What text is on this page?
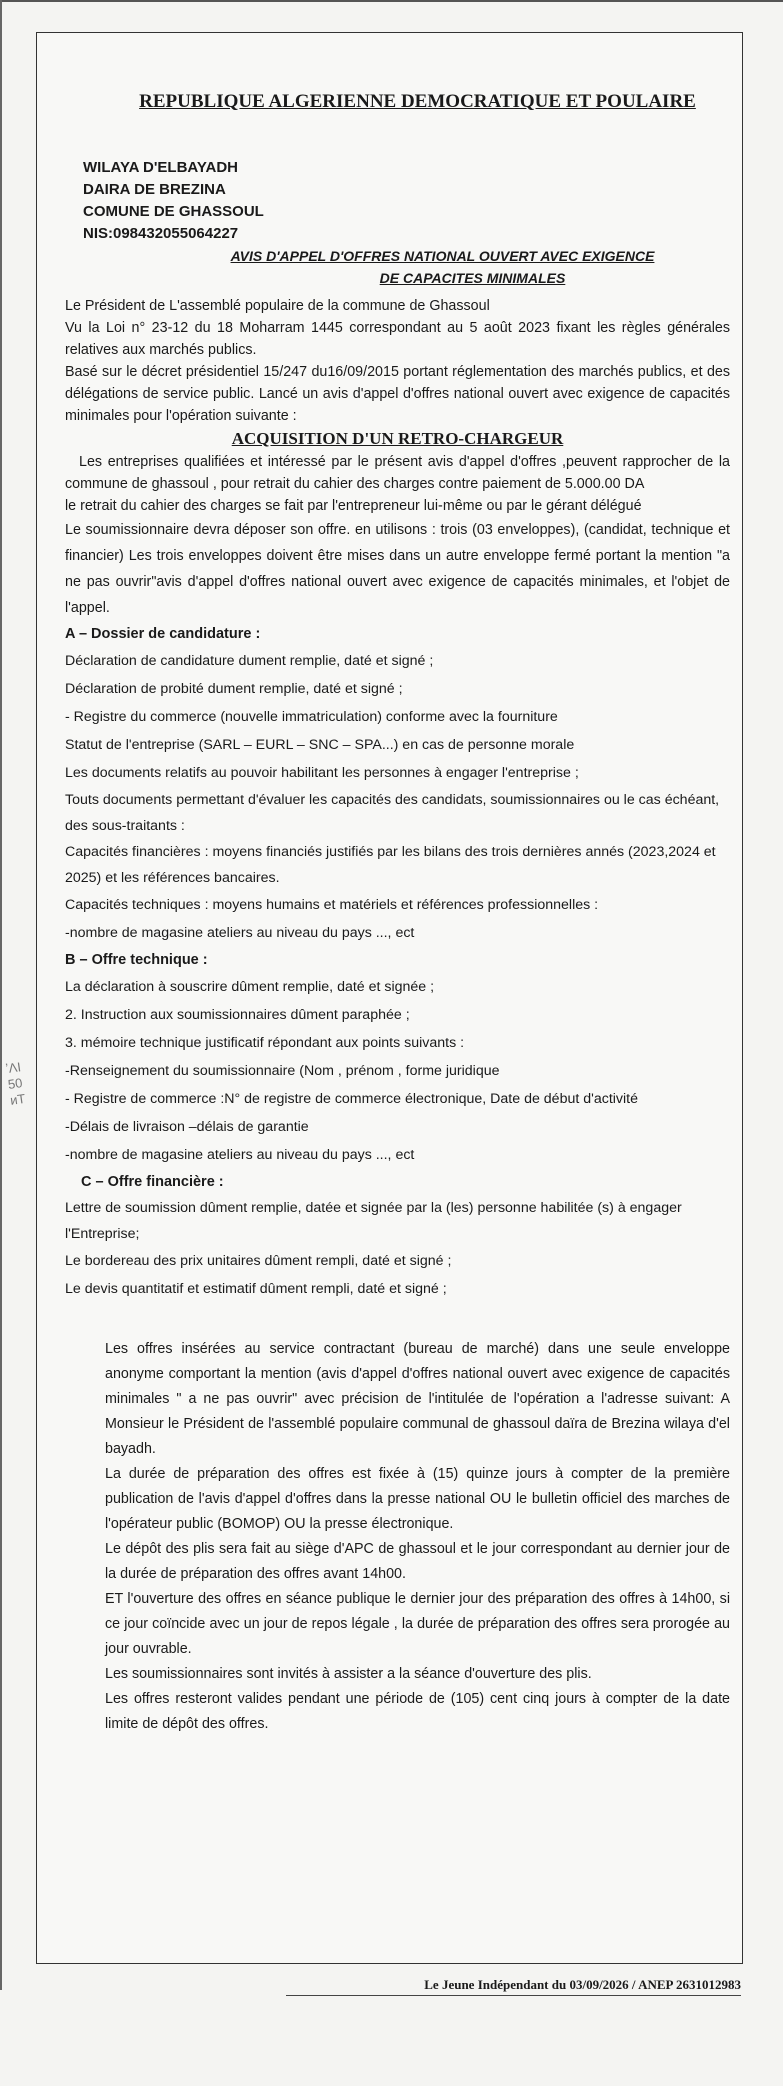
ʼɅI
50
ᴎT
REPUBLIQUE ALGERIENNE DEMOCRATIQUE ET POULAIRE
WILAYA D'ELBAYADH
DAIRA DE BREZINA
COMUNE DE GHASSOUL
NIS:098432055064227
AVIS D'APPEL D'OFFRES NATIONAL OUVERT AVEC EXIGENCE
DE CAPACITES MINIMALES

Le Président de L'assemblé populaire de la commune de Ghassoul

Vu la Loi n° 23-12 du 18 Moharram 1445 correspondant au 5 août 2023 fixant les règles générales relatives aux marchés publics.

Basé sur le décret présidentiel 15/247 du16/09/2015 portant réglementation des marchés publics, et des délégations de service public. Lancé un avis d'appel d'offres national ouvert avec exigence de capacités minimales pour l'opération suivante :

ACQUISITION D'UN RETRO-CHARGEUR

Les entreprises qualifiées et intéressé par le présent avis d'appel d'offres ,peuvent rapprocher de la commune de ghassoul , pour retrait du cahier des charges contre paiement de 5.000.00 DA

le retrait du cahier des charges se fait par l'entrepreneur lui-même ou par le gérant délégué

Le soumissionnaire devra déposer son offre. en utilisons : trois (03 enveloppes), (candidat, technique et financier) Les trois enveloppes doivent être mises dans un autre enveloppe fermé portant la mention "a ne pas ouvrir"avis d'appel d'offres national ouvert avec exigence de capacités minimales, et l'objet de l'appel.

A – Dossier de candidature :
Déclaration de candidature dument remplie, daté et signé ;
Déclaration de probité dument remplie, daté et signé ;
- Registre du commerce (nouvelle immatriculation) conforme avec la fourniture
Statut de l'entreprise (SARL – EURL – SNC – SPA...) en cas de personne morale
Les documents relatifs au pouvoir habilitant les personnes à engager l'entreprise ;
Touts documents permettant d'évaluer les capacités des candidats, soumissionnaires ou le cas échéant, des sous-traitants :
Capacités financières : moyens financiés justifiés par les bilans des trois dernières annés (2023,2024 et 2025) et les références bancaires.
Capacités techniques : moyens humains et matériels et références professionnelles :
-nombre de magasine ateliers au niveau du pays ..., ect
B – Offre technique :
La déclaration à souscrire dûment remplie, daté et signée ;
2. Instruction aux soumissionnaires dûment paraphée ;
3. mémoire technique justificatif répondant aux points suivants :
-Renseignement du soumissionnaire (Nom , prénom , forme juridique
- Registre de commerce :N° de registre de commerce électronique, Date de début d'activité
-Délais de livraison –délais de garantie
-nombre de magasine ateliers au niveau du pays ..., ect
C – Offre financière :
Lettre de soumission dûment remplie, datée et signée par la (les) personne habilitée (s) à engager l'Entreprise;
Le bordereau des prix unitaires dûment rempli, daté et signé ;
Le devis quantitatif et estimatif dûment rempli, daté et signé ;

Les offres insérées au service contractant (bureau de marché) dans une seule enveloppe anonyme comportant la mention (avis d'appel d'offres national ouvert avec exigence de capacités minimales " a ne pas ouvrir" avec précision de l'intitulée de l'opération a l'adresse suivant: A Monsieur le Président de l'assemblé populaire communal de ghassoul daïra de Brezina wilaya d'el bayadh.

La durée de préparation des offres est fixée à (15) quinze jours à compter de la première publication de l'avis d'appel d'offres dans la presse national OU le bulletin officiel des marches de l'opérateur public (BOMOP) OU la presse électronique.

Le dépôt des plis sera fait au siège d'APC de ghassoul et le jour correspondant au dernier jour de la durée de préparation des offres avant 14h00.

ET l'ouverture des offres en séance publique le dernier jour des préparation des offres à 14h00, si ce jour coïncide avec un jour de repos légale , la durée de préparation des offres sera prorogée au jour ouvrable.

Les soumissionnaires sont invités à assister a la séance d'ouverture des plis.

Les offres resteront valides pendant une période de (105) cent cinq jours à compter de la date limite de dépôt des offres.

Le Jeune Indépendant du 03/09/2026 / ANEP 2631012983
